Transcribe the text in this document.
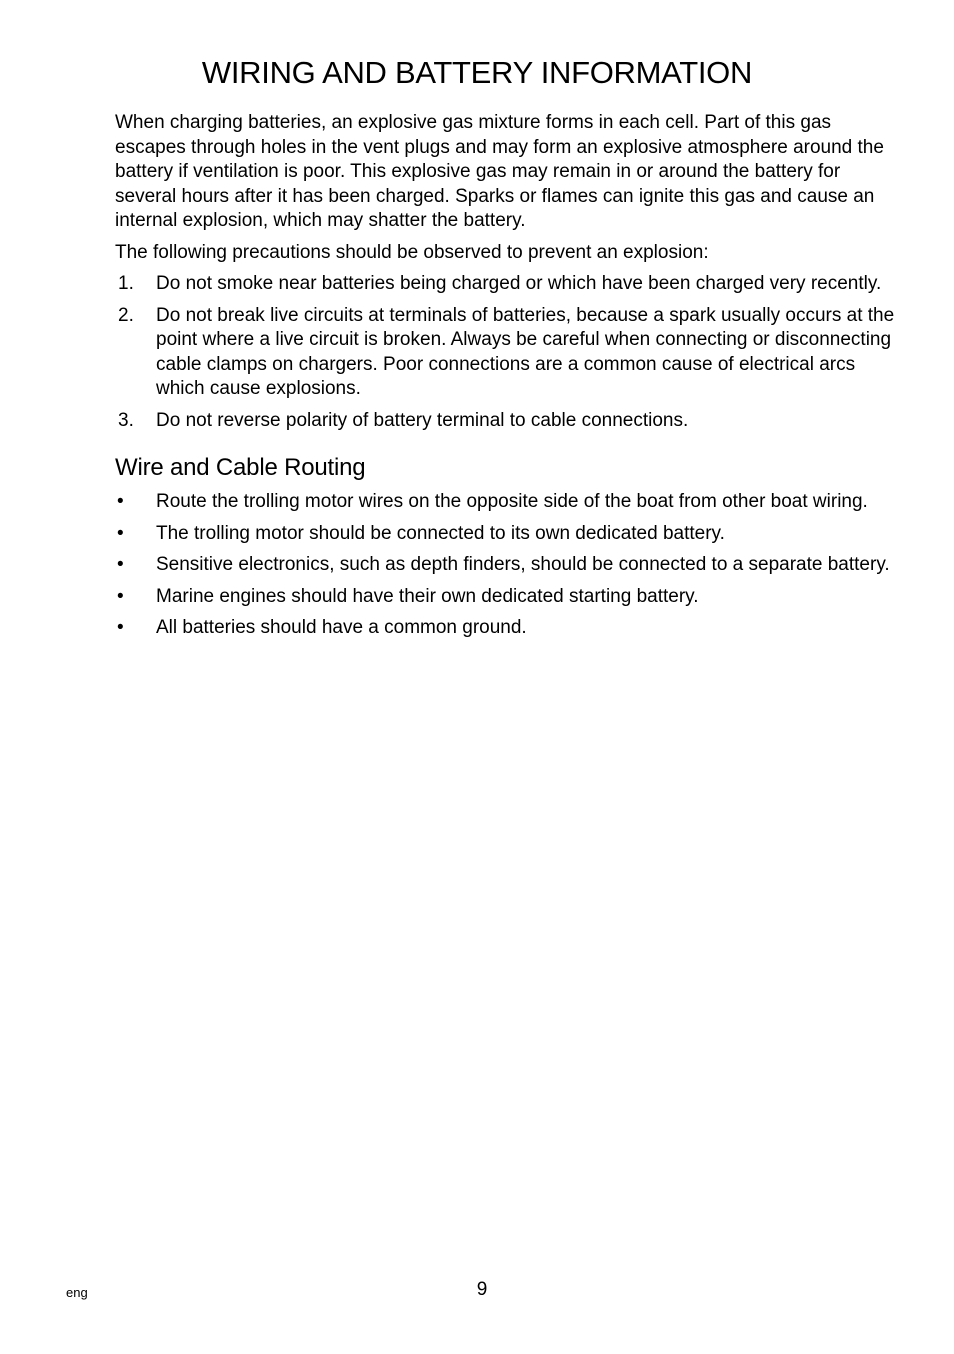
WIRING AND BATTERY INFORMATION

When charging batteries, an explosive gas mixture forms in each cell. Part of this gas escapes through holes in the vent plugs and may form an explosive atmosphere around the battery if ventilation is poor. This explosive gas may remain in or around the battery for several hours after it has been charged. Sparks or flames can ignite this gas and cause an internal explosion, which may shatter the battery.

The following precautions should be observed to prevent an explosion:

1. Do not smoke near batteries being charged or which have been charged very recently.
2. Do not break live circuits at terminals of batteries, because a spark usually occurs at the point where a live circuit is broken. Always be careful when connecting or disconnecting cable clamps on chargers. Poor connections are a common cause of electrical arcs which cause explosions.
3. Do not reverse polarity of battery terminal to cable connections.
Wire and Cable Routing
• Route the trolling motor wires on the opposite side of the boat from other boat wiring.
• The trolling motor should be connected to its own dedicated battery.
• Sensitive electronics, such as depth finders, should be connected to a separate battery.
• Marine engines should have their own dedicated starting battery.
• All batteries should have a common ground.
eng	9
